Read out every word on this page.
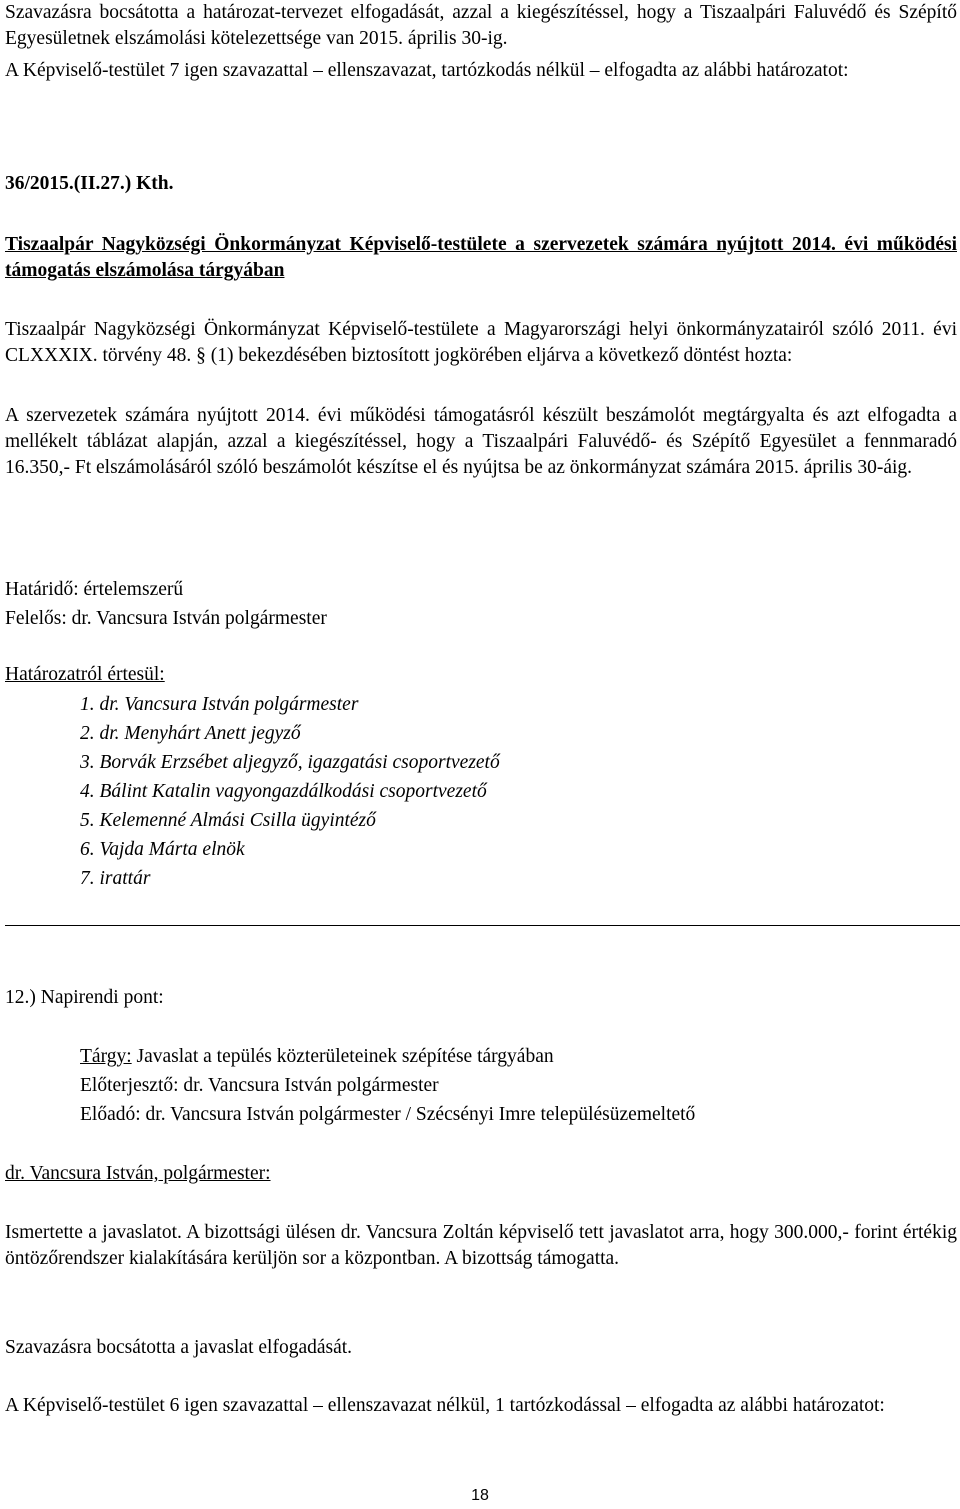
Szavazásra bocsátotta a határozat-tervezet elfogadását, azzal a kiegészítéssel, hogy a Tiszaalpári Faluvédő és Szépítő Egyesületnek elszámolási kötelezettsége van 2015. április 30-ig.

A Képviselő-testület 7 igen szavazattal – ellenszavazat, tartózkodás nélkül – elfogadta az alábbi határozatot:

36/2015.(II.27.) Kth.

Tiszaalpár Nagyközségi Önkormányzat Képviselő-testülete a szervezetek számára nyújtott 2014. évi működési támogatás elszámolása tárgyában

Tiszaalpár Nagyközségi Önkormányzat Képviselő-testülete a Magyarországi helyi önkormányzatairól szóló 2011. évi CLXXXIX. törvény 48. § (1) bekezdésében biztosított jogkörében eljárva a következő döntést hozta:

A szervezetek számára nyújtott 2014. évi működési támogatásról készült beszámolót megtárgyalta és azt elfogadta a mellékelt táblázat alapján, azzal a kiegészítéssel, hogy a Tiszaalpári Faluvédő- és Szépítő Egyesület a fennmaradó 16.350,- Ft elszámolásáról szóló beszámolót készítse el és nyújtsa be az önkormányzat számára 2015. április 30-áig.

Határidő: értelemszerű
Felelős: dr. Vancsura István polgármester
Határozatról értesül:
1. dr. Vancsura István polgármester
2. dr. Menyhárt Anett jegyző
3. Borvák Erzsébet aljegyző, igazgatási csoportvezető
4. Bálint Katalin vagyongazdálkodási csoportvezető
5. Kelemenné Almási Csilla ügyintéző
6. Vajda Márta elnök
7. irattár
12.) Napirendi pont:
Tárgy: Javaslat a tepülés közterületeinek szépítése tárgyában
Előterjesztő: dr. Vancsura István polgármester
Előadó: dr. Vancsura István polgármester / Szécsényi Imre településüzemeltető
dr. Vancsura István, polgármester:

Ismertette a javaslatot. A bizottsági ülésen dr. Vancsura Zoltán képviselő tett javaslatot arra, hogy 300.000,- forint értékig öntözőrendszer kialakítására kerüljön sor a központban. A bizottság támogatta.

Szavazásra bocsátotta a javaslat elfogadását.

A Képviselő-testület 6 igen szavazattal – ellenszavazat nélkül, 1 tartózkodással – elfogadta az alábbi határozatot:

18
